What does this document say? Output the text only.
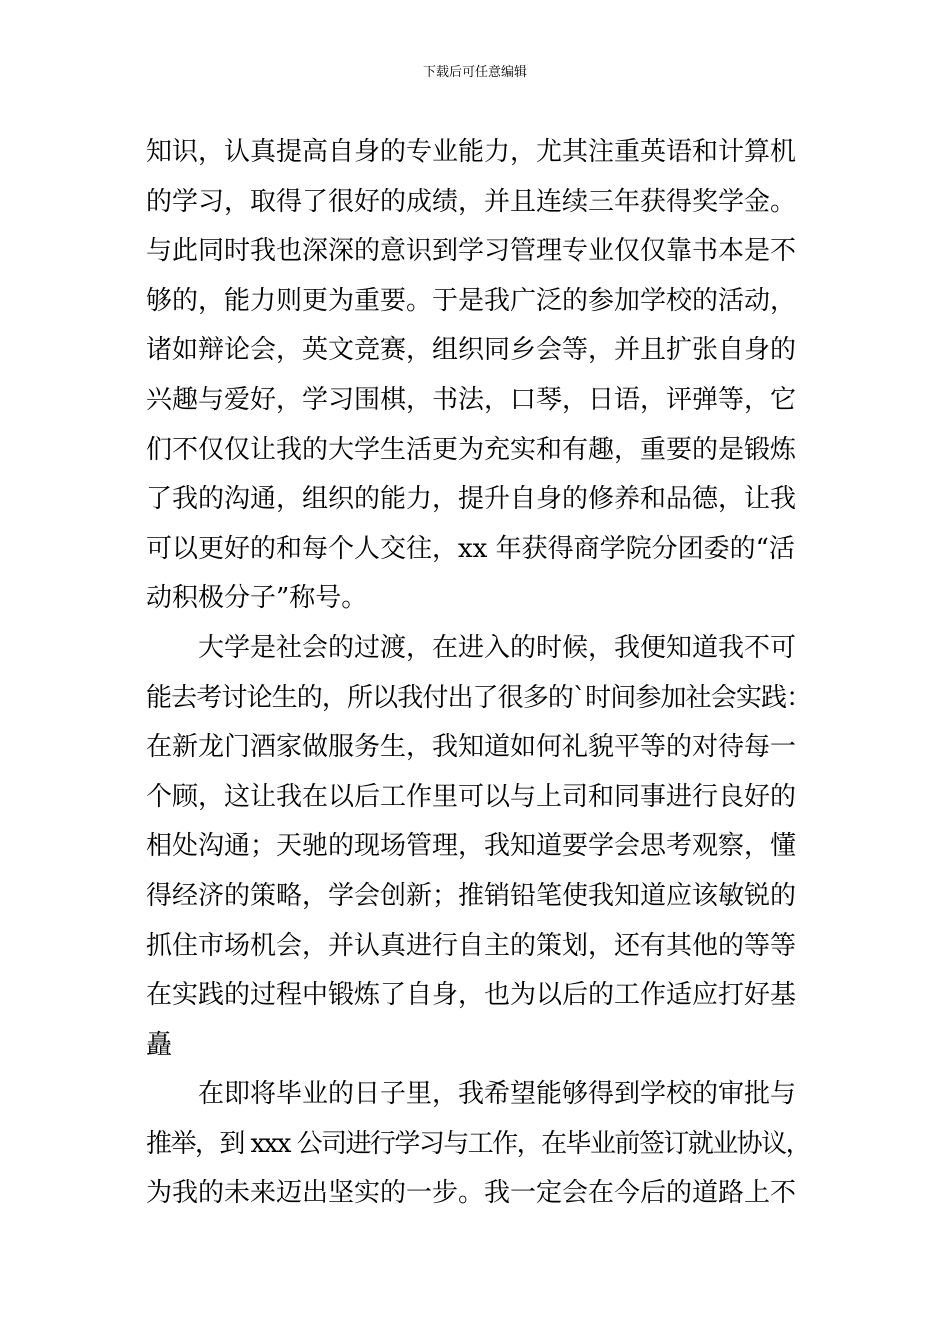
下载后可任意编辑
知识，认真提高自身的专业能力，尤其注重英语和计算机
的学习，取得了很好的成绩，并且连续三年获得奖学金。
与此同时我也深深的意识到学习管理专业仅仅靠书本是不
够的，能力则更为重要。于是我广泛的参加学校的活动，
诸如辩论会，英文竞赛，组织同乡会等，并且扩张自身的
兴趣与爱好，学习围棋，书法，口琴，日语，评弹等，它
们不仅仅让我的大学生活更为充实和有趣，重要的是锻炼
了我的沟通，组织的能力，提升自身的修养和品德，让我
可以更好的和每个人交往，xx 年获得商学院分团委的“活
动积极分子”称号。
　　大学是社会的过渡，在进入的时候，我便知道我不可
能去考讨论生的，所以我付出了很多的`时间参加社会实践：
在新龙门酒家做服务生，我知道如何礼貌平等的对待每一
个顾，这让我在以后工作里可以与上司和同事进行良好的
相处沟通；天驰的现场管理，我知道要学会思考观察，懂
得经济的策略，学会创新；推销铅笔使我知道应该敏锐的
抓住市场机会，并认真进行自主的策划，还有其他的等等
在实践的过程中锻炼了自身，也为以后的工作适应打好基
矗
　　在即将毕业的日子里，我希望能够得到学校的审批与
推举，到 xxx 公司进行学习与工作，在毕业前签订就业协议，
为我的未来迈出坚实的一步。我一定会在今后的道路上不
